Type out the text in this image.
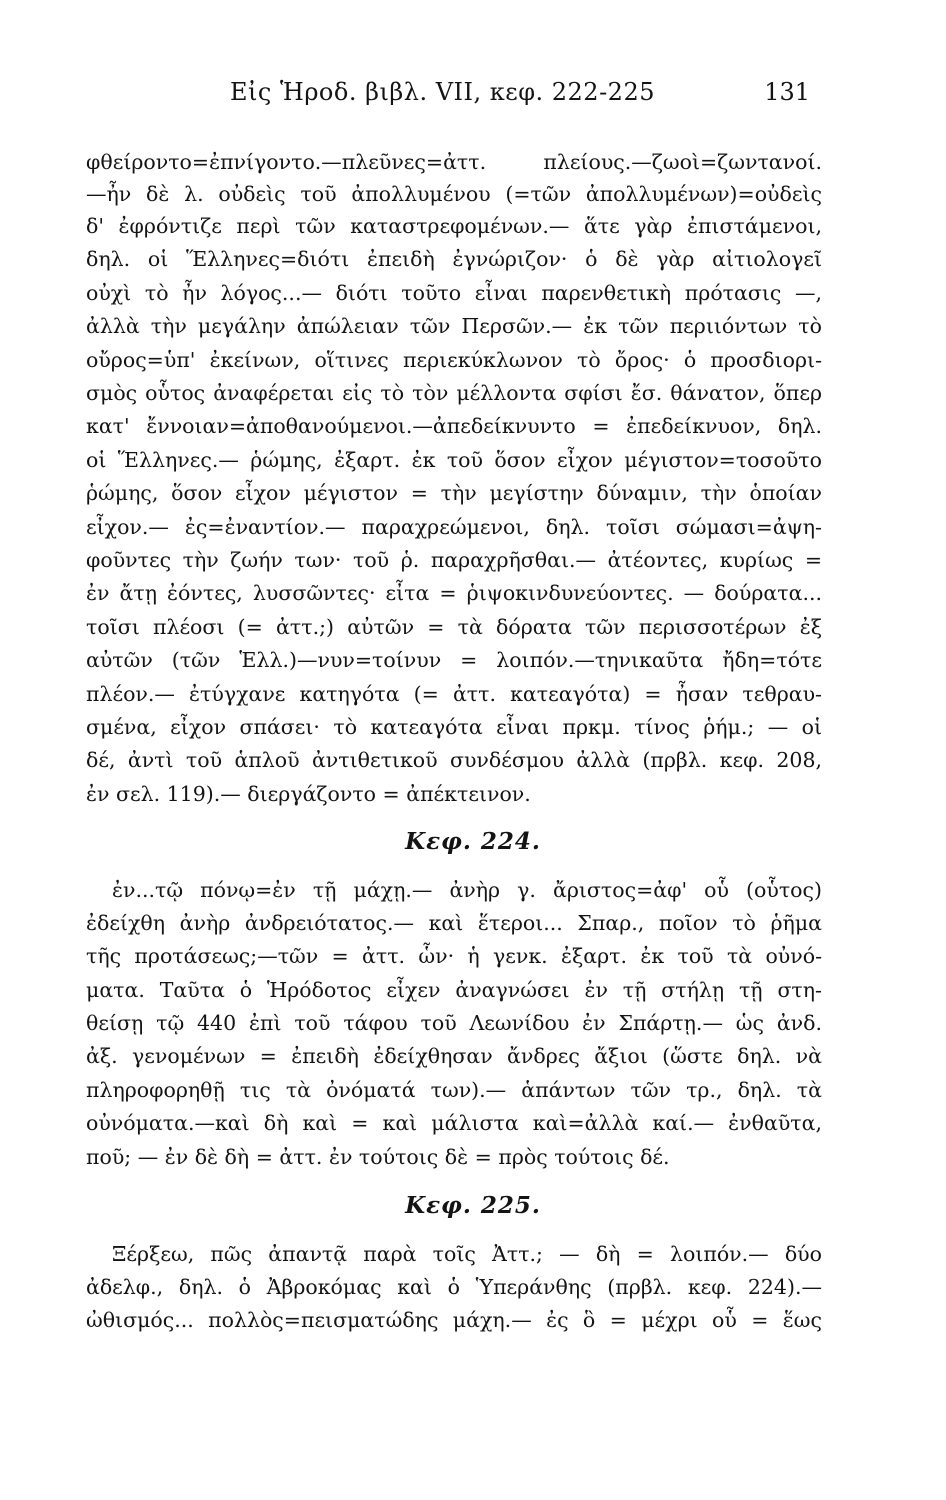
Εἰς Ἡροδ. βιβλ. VII, κεφ. 222-225	131
φθείροντο=ἐπνίγοντο.—πλεῦνες=ἀττ. πλείους.—ζωοὶ=ζωντανοί.
—ἦν δὲ λ. οὐδεὶς τοῦ ἀπολλυμένου (=τῶν ἀπολλυμένων)=οὐδεὶς
δ' ἐφρόντιζε περὶ τῶν καταστρεφομένων.— ἅτε γὰρ ἐπιστάμενοι,
δηλ. οἱ Ἕλληνες=διότι ἐπειδὴ ἐγνώριζον· ὁ δὲ γὰρ αἰτιολογεῖ
οὐχὶ τὸ ἦν λόγος...— διότι τοῦτο εἶναι παρενθετικὴ πρότασις —,
ἀλλὰ τὴν μεγάλην ἀπώλειαν τῶν Περσῶν.— ἐκ τῶν περιιόντων τὸ
οὔρος=ὑπ' ἐκείνων, οἵτινες περιεκύκλωνον τὸ ὄρος· ὁ προσδιορι-
σμὸς οὗτος ἀναφέρεται εἰς τὸ τὸν μέλλοντα σφίσι ἔσ. θάνατον, ὅπερ
κατ' ἔννοιαν=ἀποθανούμενοι.—ἀπεδείκνυντο = ἐπεδείκνυον, δηλ.
οἱ Ἕλληνες.— ῥώμης, ἐξαρτ. ἐκ τοῦ ὅσον εἶχον μέγιστον=τοσοῦτο
ῥώμης, ὅσον εἶχον μέγιστον = τὴν μεγίστην δύναμιν, τὴν ὁποίαν
εἶχον.— ἐς=ἐναντίον.— παραχρεώμενοι, δηλ. τοῖσι σώμασι=ἀψη-
φοῦντες τὴν ζωήν των· τοῦ ῥ. παραχρῆσθαι.— ἀτέοντες, κυρίως =
ἐν ἄτῃ ἐόντες, λυσσῶντες· εἶτα = ῥιψοκινδυνεύοντες. — δούρατα...
τοῖσι πλέοσι (= ἀττ.;) αὐτῶν = τὰ δόρατα τῶν περισσοτέρων ἐξ
αὐτῶν (τῶν Ἑλλ.)—νυν=τοίνυν = λοιπόν.—τηνικαῦτα ἤδη=τότε
πλέον.— ἐτύγχανε κατηγότα (= ἀττ. κατεαγότα) = ἦσαν τεθραυ-
σμένα, εἶχον σπάσει· τὸ κατεαγότα εἶναι πρκμ. τίνος ῥήμ.; — οἱ
δέ, ἀντὶ τοῦ ἁπλοῦ ἀντιθετικοῦ συνδέσμου ἀλλὰ (πρβλ. κεφ. 208,
ἐν σελ. 119).— διεργάζοντο = ἀπέκτεινον.
Κεφ. 224.
ἐν...τῷ πόνῳ=ἐν τῇ μάχῃ.— ἀνὴρ γ. ἄριστος=ἀφ' οὗ (οὗτος)
ἐδείχθη ἀνὴρ ἀνδρειότατος.— καὶ ἕτεροι... Σπαρ., ποῖον τὸ ῥῆμα
τῆς προτάσεως;—τῶν = ἀττ. ὧν· ἡ γενκ. ἐξαρτ. ἐκ τοῦ τὰ οὐνό-
ματα. Ταῦτα ὁ Ἡρόδοτος εἶχεν ἀναγνώσει ἐν τῇ στήλῃ τῇ στη-
θείσῃ τῷ 440 ἐπὶ τοῦ τάφου τοῦ Λεωνίδου ἐν Σπάρτῃ.— ὡς ἀνδ.
ἀξ. γενομένων = ἐπειδὴ ἐδείχθησαν ἄνδρες ἄξιοι (ὥστε δηλ. νὰ
πληροφορηθῇ τις τὰ ὀνόματά των).— ἁπάντων τῶν τρ., δηλ. τὰ
οὐνόματα.—καὶ δὴ καὶ = καὶ μάλιστα καὶ=ἀλλὰ καί.— ἐνθαῦτα,
ποῦ; — ἐν δὲ δὴ = ἀττ. ἐν τούτοις δὲ = πρὸς τούτοις δέ.
Κεφ. 225.
Ξέρξεω, πῶς ἀπαντᾷ παρὰ τοῖς Ἀττ.; — δὴ = λοιπόν.— δύο
ἀδελφ., δηλ. ὁ Ἀβροκόμας καὶ ὁ Ὑπεράνθης (πρβλ. κεφ. 224).—
ὠθισμός... πολλὸς=πεισματώδης μάχη.— ἐς ὃ = μέχρι οὗ = ἕως
